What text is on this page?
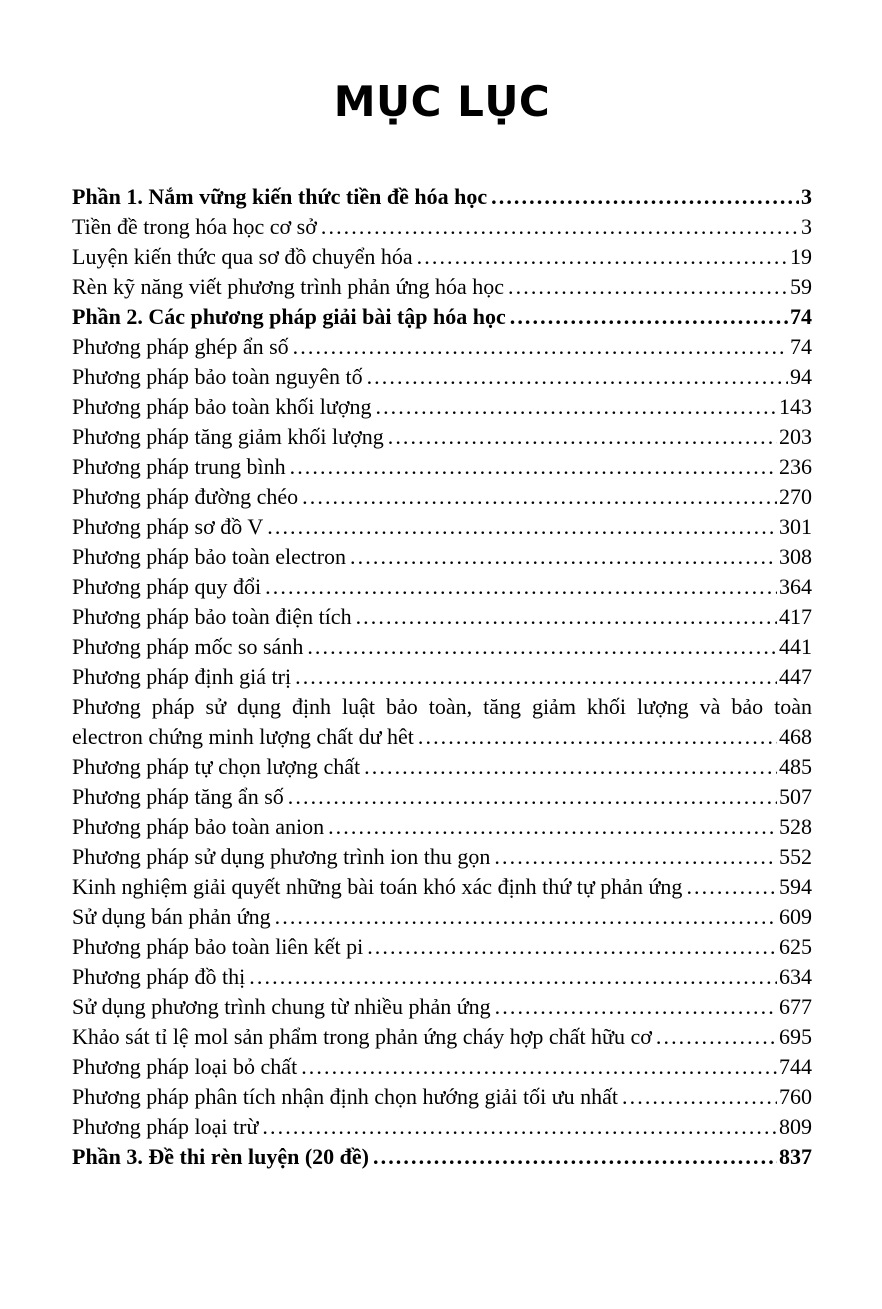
MỤC LỤC
Phần 1. Nắm vững kiến thức tiền đề hóa học .....	3
Tiền đề trong hóa học cơ sở .....	3
Luyện kiến thức qua sơ đồ chuyển hóa .....	19
Rèn kỹ năng viết phương trình phản ứng hóa học .....	59
Phần 2. Các phương pháp giải bài tập hóa học .....	74
Phương pháp ghép ẩn số .....	74
Phương pháp bảo toàn nguyên tố .....	94
Phương pháp bảo toàn khối lượng .....	143
Phương pháp tăng giảm khối lượng .....	203
Phương pháp trung bình .....	236
Phương pháp đường chéo .....	270
Phương pháp sơ đồ V .....	301
Phương pháp bảo toàn electron .....	308
Phương pháp quy đổi .....	364
Phương pháp bảo toàn điện tích .....	417
Phương pháp mốc so sánh .....	441
Phương pháp định giá trị .....	447
Phương pháp sử dụng định luật bảo toàn, tăng giảm khối lượng và bảo toàn
electron chứng minh lượng chất dư hêt .....	468
Phương pháp tự chọn lượng chất .....	485
Phương pháp tăng ẩn số .....	507
Phương pháp bảo toàn anion .....	528
Phương pháp sử dụng phương trình ion thu gọn .....	552
Kinh nghiệm giải quyết những bài toán khó xác định thứ tự phản ứng .....	594
Sử dụng bán phản ứng .....	609
Phương pháp bảo toàn liên kết pi .....	625
Phương pháp đồ thị .....	634
Sử dụng phương trình chung từ nhiều phản ứng .....	677
Khảo sát tỉ lệ mol sản phẩm trong phản ứng cháy hợp chất hữu cơ .....	695
Phương pháp loại bỏ chất .....	744
Phương pháp phân tích nhận định chọn hướng giải tối ưu nhất .....	760
Phương pháp loại trừ .....	809
Phần 3. Đề thi rèn luyện (20 đề) .....	837
